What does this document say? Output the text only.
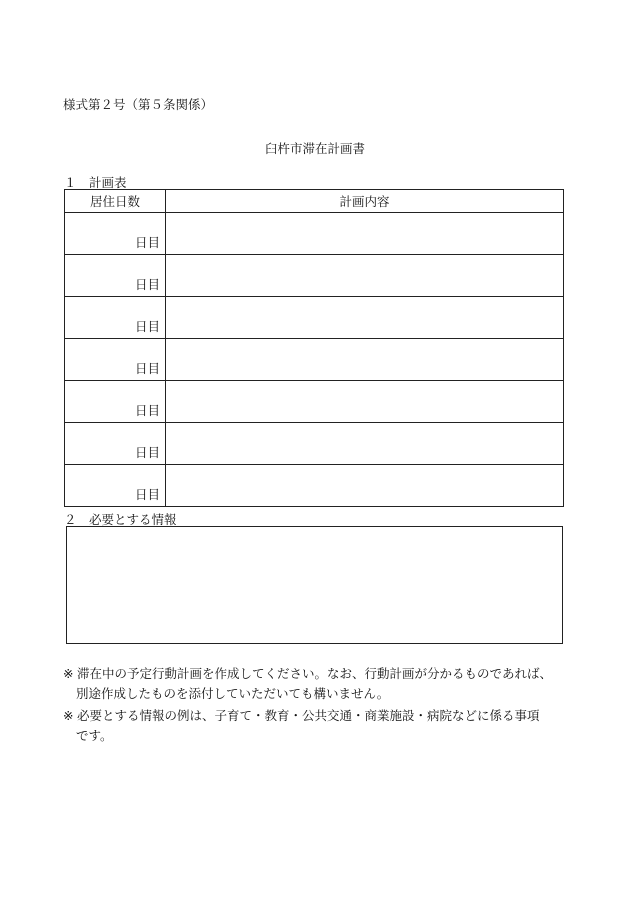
様式第２号（第５条関係）
臼杵市滞在計画書
１　計画表
居住日数	計画内容
日目	
日目	
日目	
日目	
日目	
日目	
日目	
２　必要とする情報
※ 滞在中の予定行動計画を作成してください。なお、行動計画が分かるものであれば、
別途作成したものを添付していただいても構いません。
※ 必要とする情報の例は、子育て・教育・公共交通・商業施設・病院などに係る事項
です。
